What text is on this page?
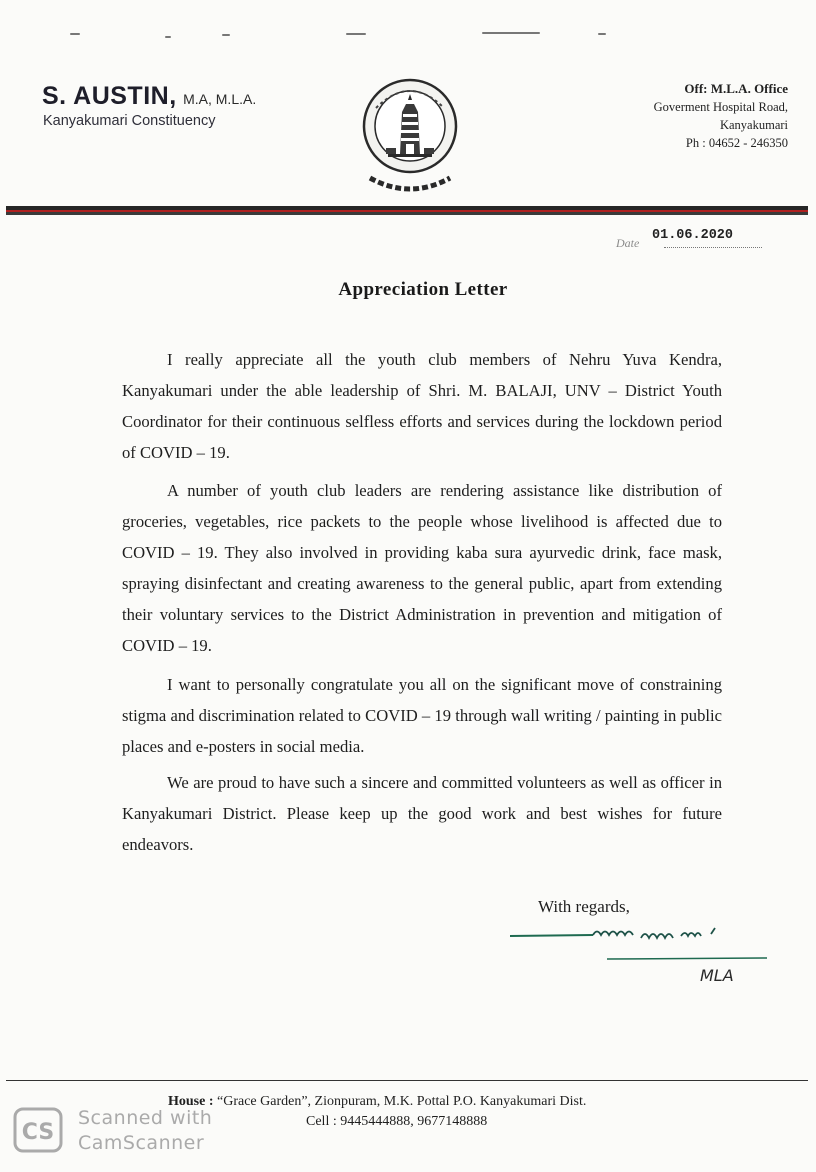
S. AUSTIN, M.A, M.L.A.
Kanyakumari Constituency
Off: M.L.A. Office
Goverment Hospital Road,
Kanyakumari
Ph : 04652 - 246350
Date 01.06.2020
Appreciation Letter
I really appreciate all the youth club members of Nehru Yuva Kendra, Kanyakumari under the able leadership of Shri. M. BALAJI, UNV – District Youth Coordinator for their continuous selfless efforts and services during the lockdown period of COVID – 19.
A number of youth club leaders are rendering assistance like distribution of groceries, vegetables, rice packets to the people whose livelihood is affected due to COVID – 19. They also involved in providing kaba sura ayurvedic drink, face mask, spraying disinfectant and creating awareness to the general public, apart from extending their voluntary services to the District Administration in prevention and mitigation of COVID – 19.
I want to personally congratulate you all on the significant move of constraining stigma and discrimination related to COVID – 19 through wall writing / painting in public places and e-posters in social media.
We are proud to have such a sincere and committed volunteers as well as officer in Kanyakumari District. Please keep up the good work and best wishes for future endeavors.
With regards,
MLA
House : “Grace Garden”, Zionpuram, M.K. Pottal P.O. Kanyakumari Dist.
Cell : 9445444888, 9677148888
CS
Scanned with
CamScanner
